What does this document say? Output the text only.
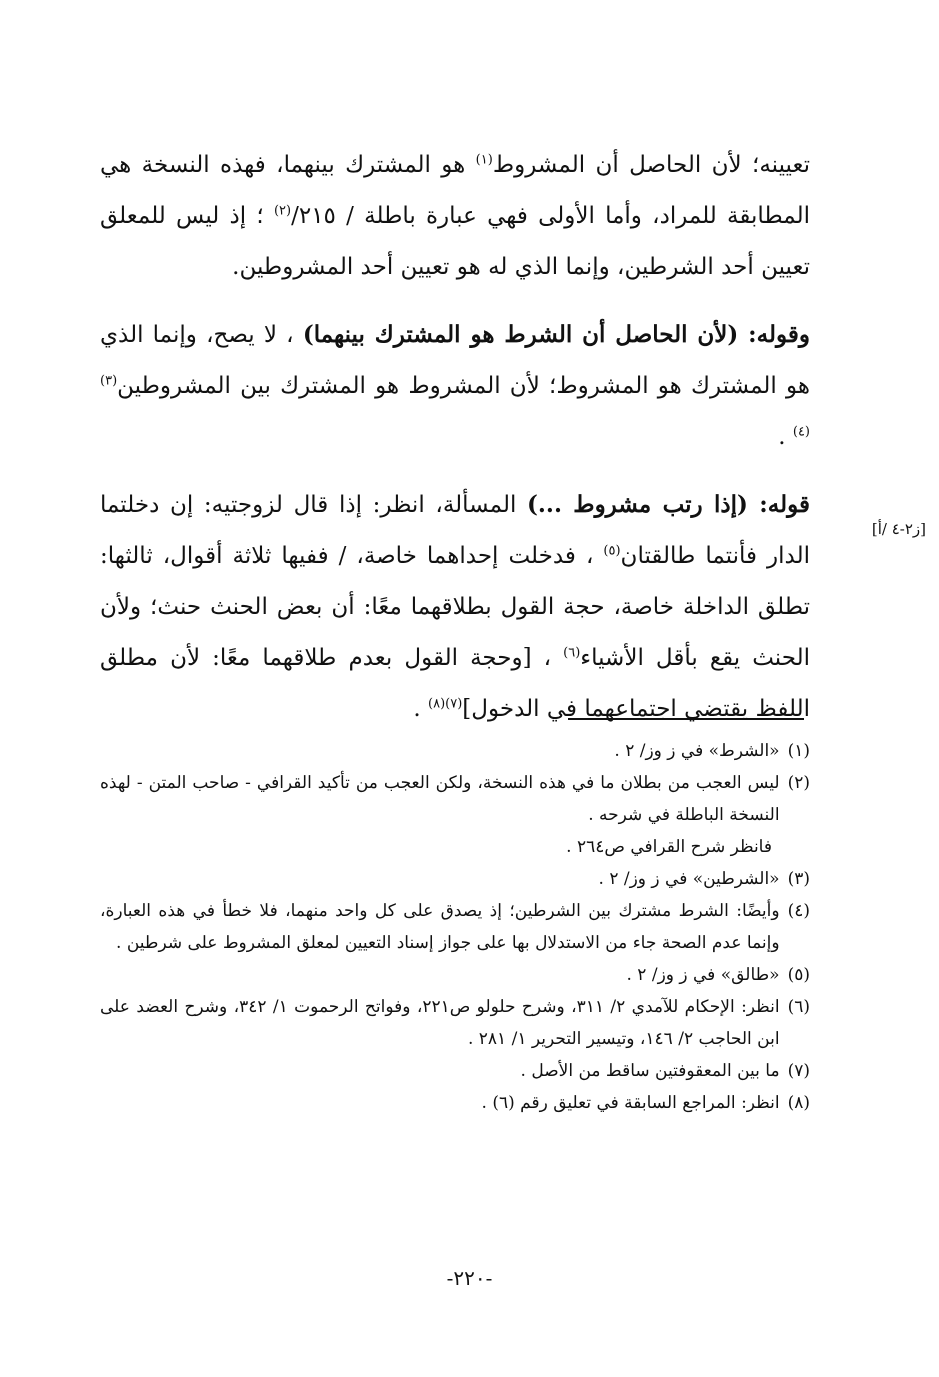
تعيينه؛ لأن الحاصل أن المشروط$^{(١)}$ هو المشترك بينهما، فهذه النسخة هي المطابقة للمراد، وأما الأولى فهي عبارة باطلة / ٢١٥/$^{(٢)}$ ؛ إذ ليس للمعلق تعيين أحد الشرطين، وإنما الذي له هو تعيين أحد المشروطين.

وقوله: (لأن الحاصل أن الشرط هو المشترك بينهما) ، لا يصح، وإنما الذي هو المشترك هو المشروط؛ لأن المشروط هو المشترك بين المشروطين$^{(٣)(٤)}$ .

قوله: (إذا رتب مشروط ...) المسألة، انظر: إذا قال لزوجتيه: إن دخلتما الدار فأنتما طالقتان$^{(٥)}$ ، فدخلت إحداهما خاصة، / ففيها ثلاثة أقوال، ثالثها: تطلق الداخلة خاصة، حجة القول بطلاقهما معًا: أن بعض الحنث حنث؛ ولأن الحنث يقع بأقل الأشياء$^{(٦)}$ ، [وحجة القول بعدم طلاقهما معًا: لأن مطلق اللفظ يقتضي اجتماعهما في الدخول]$^{(٧)(٨)}$ .

[ز٢-٤ /أ]
(١)
«الشرط» في ز وز/ ٢ .
(٢)
ليس العجب من بطلان ما في هذه النسخة، ولكن العجب من تأكيد القرافي - صاحب المتن - لهذه النسخة الباطلة في شرحه .
فانظر شرح القرافي ص٢٦٤ .
(٣)
«الشرطين» في ز وز/ ٢ .
(٤)
وأيضًا: الشرط مشترك بين الشرطين؛ إذ يصدق على كل واحد منهما، فلا خطأ في هذه العبارة، وإنما عدم الصحة جاء من الاستدلال بها على جواز إسناد التعيين لمعلق المشروط على شرطين .
(٥)
«طالق» في ز وز/ ٢ .
(٦)
انظر: الإحكام للآمدي ٢/ ٣١١، وشرح حلولو ص٢٢١، وفواتح الرحموت ١/ ٣٤٢، وشرح العضد على ابن الحاجب ٢/ ١٤٦، وتيسير التحرير ١/ ٢٨١ .
(٧)
ما بين المعقوفتين ساقط من الأصل .
(٨)
انظر: المراجع السابقة في تعليق رقم (٦) .
-٢٢٠-
